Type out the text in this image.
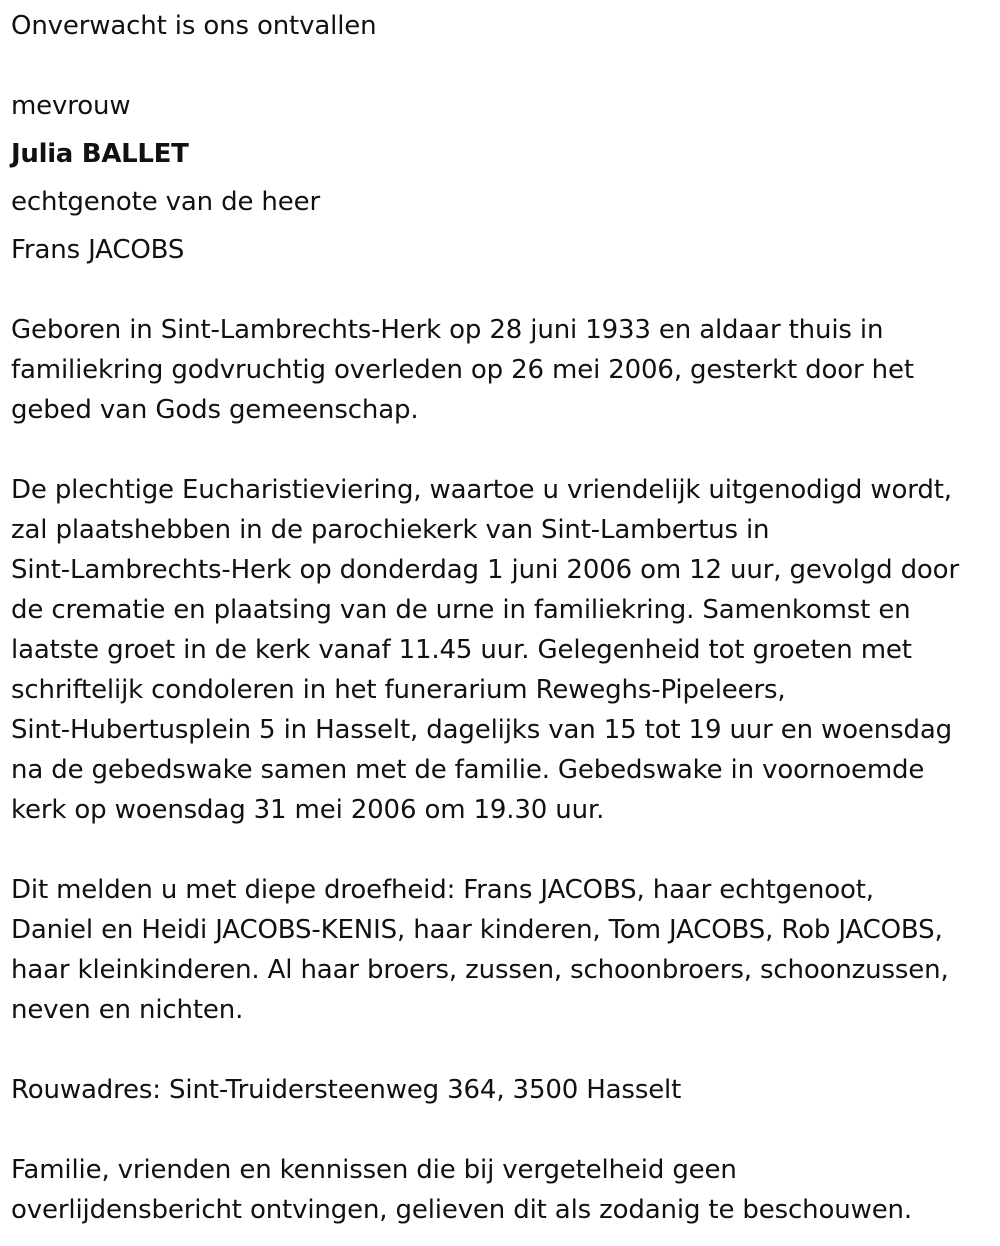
Onverwacht is ons ontvallen
mevrouw
Julia BALLET
echtgenote van de heer
Frans JACOBS
Geboren in Sint-Lambrechts-Herk op 28 juni 1933 en aldaar thuis in
familiekring godvruchtig overleden op 26 mei 2006, gesterkt door het
gebed van Gods gemeenschap.
De plechtige Eucharistieviering, waartoe u vriendelijk uitgenodigd wordt,
zal plaatshebben in de parochiekerk van Sint-Lambertus in
Sint-Lambrechts-Herk op donderdag 1 juni 2006 om 12 uur, gevolgd door
de crematie en plaatsing van de urne in familiekring. Samenkomst en
laatste groet in de kerk vanaf 11.45 uur. Gelegenheid tot groeten met
schriftelijk condoleren in het funerarium Reweghs-Pipeleers,
Sint-Hubertusplein 5 in Hasselt, dagelijks van 15 tot 19 uur en woensdag
na de gebedswake samen met de familie. Gebedswake in voornoemde
kerk op woensdag 31 mei 2006 om 19.30 uur.
Dit melden u met diepe droefheid: Frans JACOBS, haar echtgenoot,
Daniel en Heidi JACOBS-KENIS, haar kinderen, Tom JACOBS, Rob JACOBS,
haar kleinkinderen. Al haar broers, zussen, schoonbroers, schoonzussen,
neven en nichten.
Rouwadres: Sint-Truidersteenweg 364, 3500 Hasselt
Familie, vrienden en kennissen die bij vergetelheid geen
overlijdensbericht ontvingen, gelieven dit als zodanig te beschouwen.
